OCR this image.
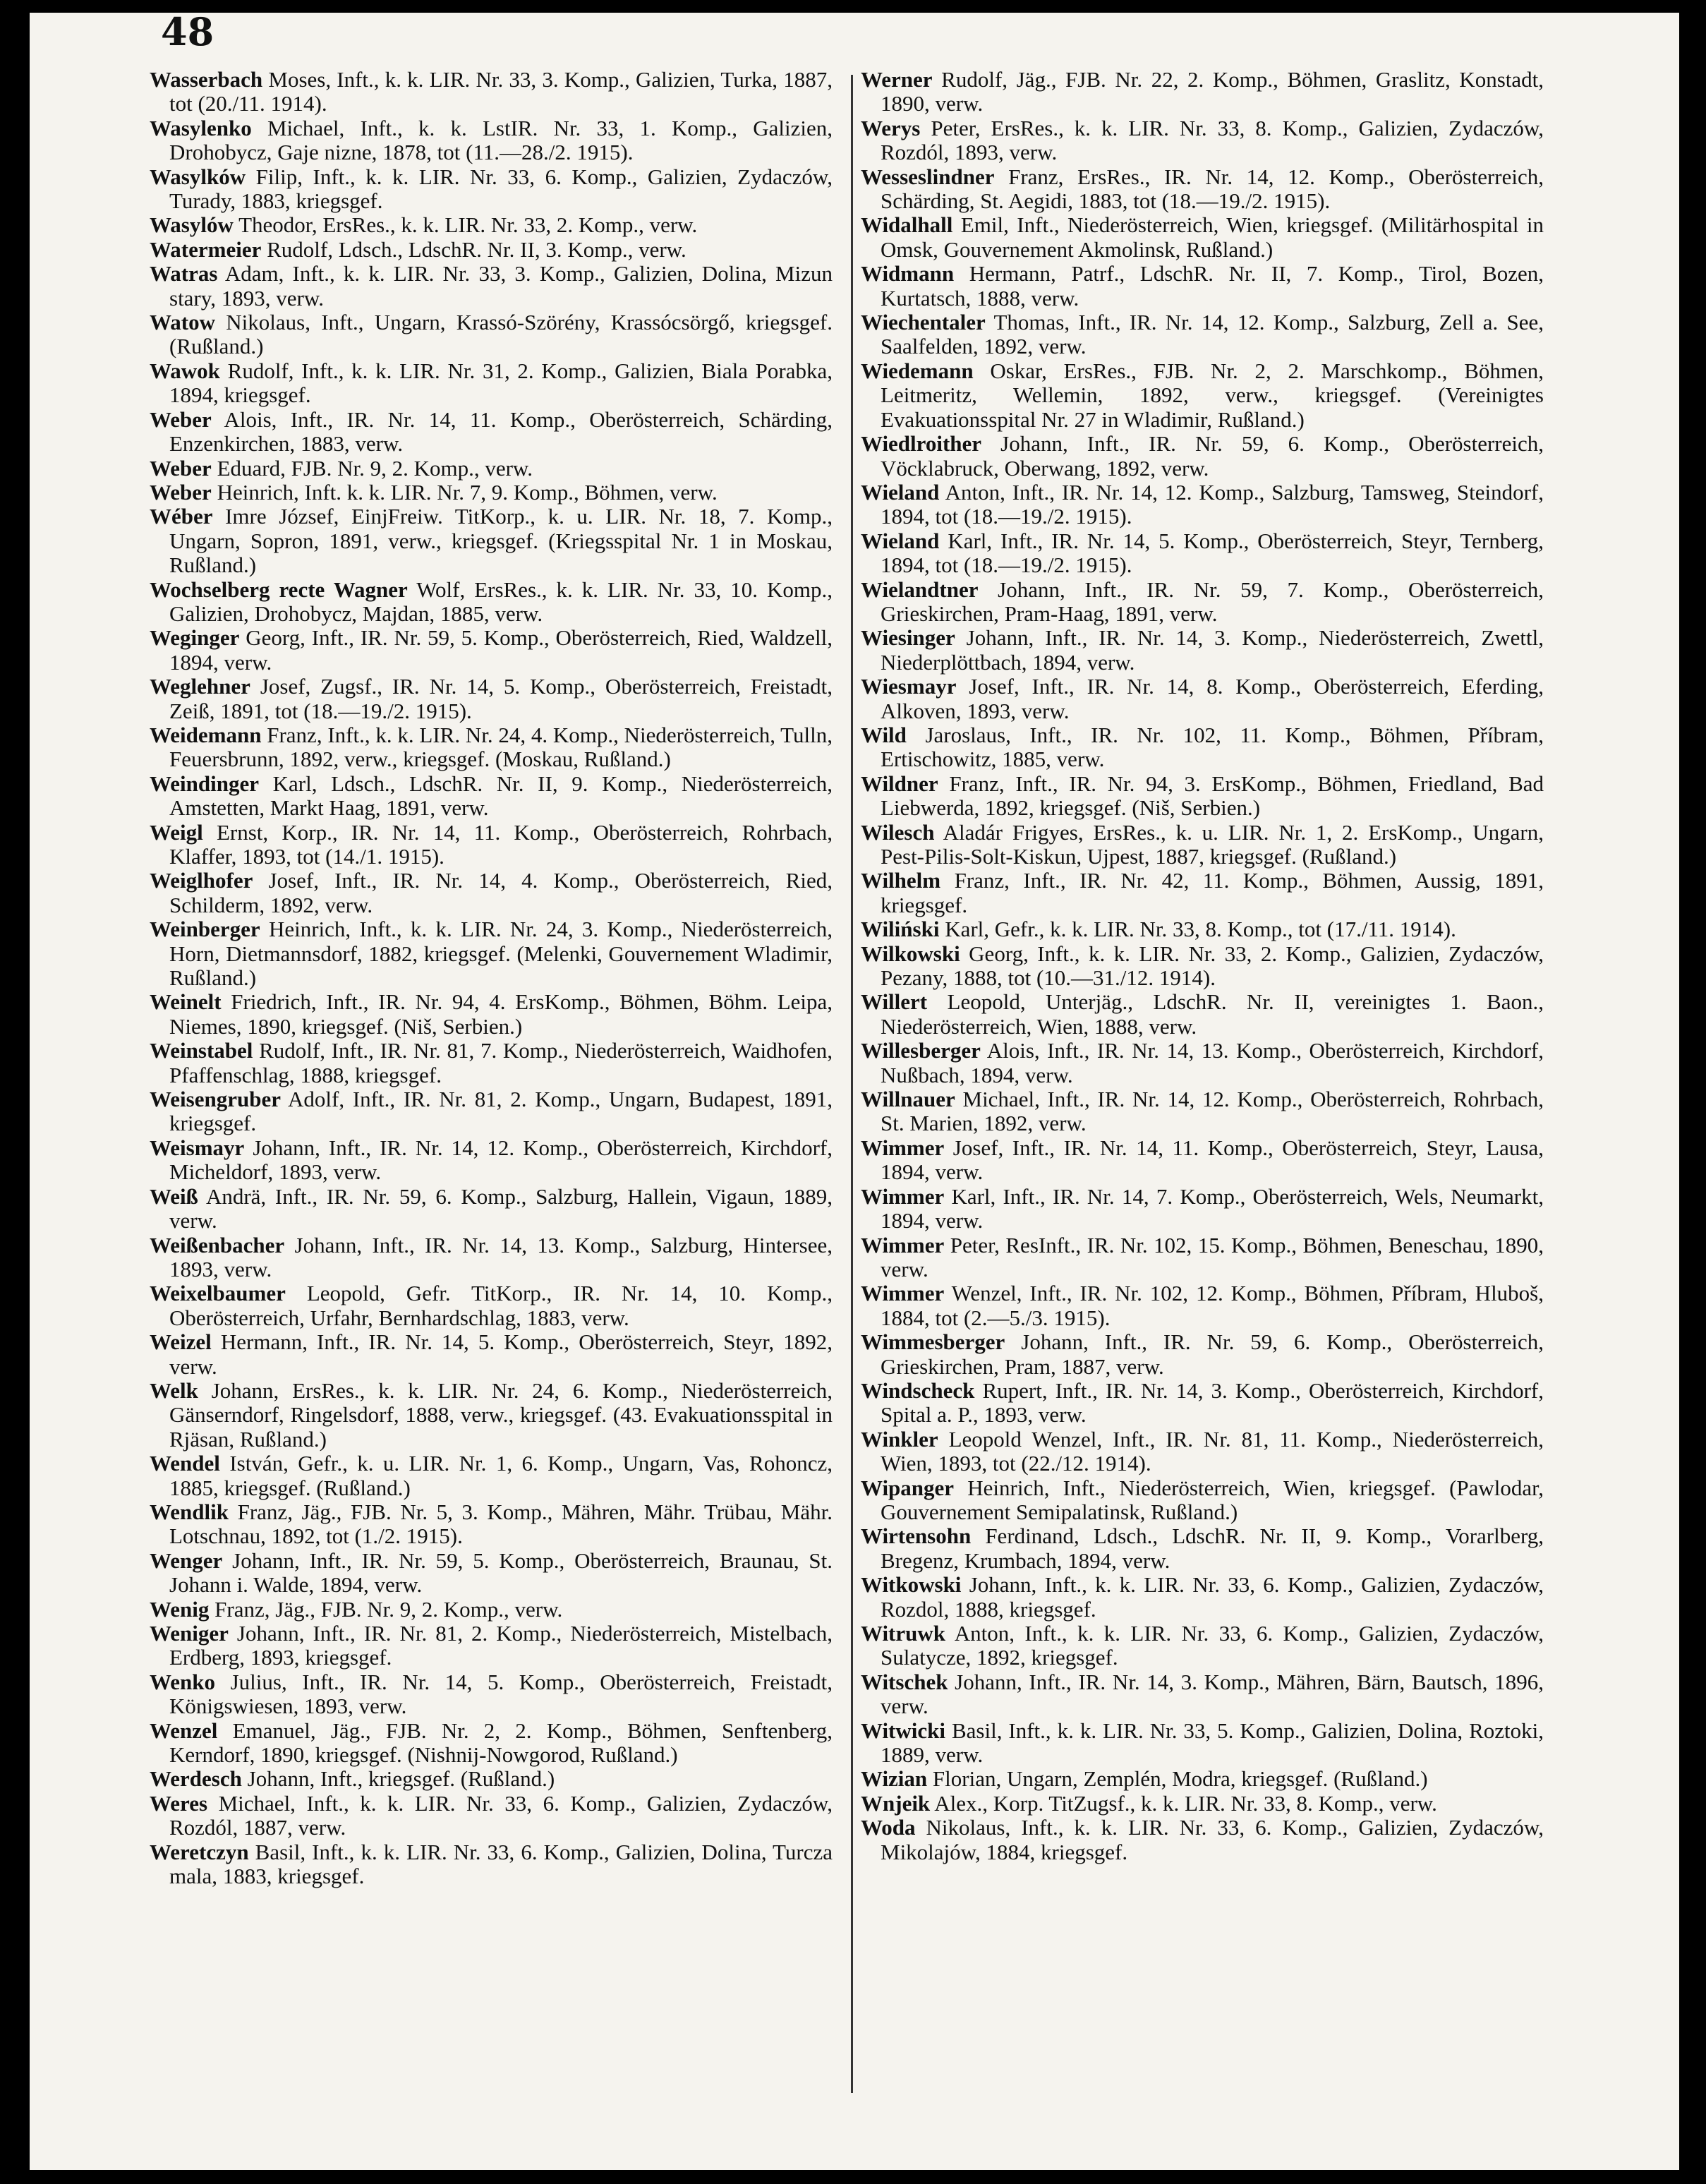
48

Wasserbach Moses, Inft., k. k. LIR. Nr. 33, 3. Komp., Galizien, Turka, 1887, tot (20./11. 1914).

Wasylenko Michael, Inft., k. k. LstIR. Nr. 33, 1. Komp., Galizien, Drohobycz, Gaje nizne, 1878, tot (11.—28./2. 1915).

Wasylków Filip, Inft., k. k. LIR. Nr. 33, 6. Komp., Galizien, Zydaczów, Turady, 1883, kriegsgef.

Wasylów Theodor, ErsRes., k. k. LIR. Nr. 33, 2. Komp., verw.

Watermeier Rudolf, Ldsch., LdschR. Nr. II, 3. Komp., verw.

Watras Adam, Inft., k. k. LIR. Nr. 33, 3. Komp., Galizien, Dolina, Mizun stary, 1893, verw.

Watow Nikolaus, Inft., Ungarn, Krassó-Szörény, Krassócsörgő, kriegsgef. (Rußland.)

Wawok Rudolf, Inft., k. k. LIR. Nr. 31, 2. Komp., Galizien, Biala Porabka, 1894, kriegsgef.

Weber Alois, Inft., IR. Nr. 14, 11. Komp., Oberösterreich, Schärding, Enzenkirchen, 1883, verw.

Weber Eduard, FJB. Nr. 9, 2. Komp., verw.

Weber Heinrich, Inft. k. k. LIR. Nr. 7, 9. Komp., Böhmen, verw.

Wéber Imre József, EinjFreiw. TitKorp., k. u. LIR. Nr. 18, 7. Komp., Ungarn, Sopron, 1891, verw., kriegsgef. (Kriegsspital Nr. 1 in Moskau, Rußland.)

Wochselberg recte Wagner Wolf, ErsRes., k. k. LIR. Nr. 33, 10. Komp., Galizien, Drohobycz, Majdan, 1885, verw.

Weginger Georg, Inft., IR. Nr. 59, 5. Komp., Oberösterreich, Ried, Waldzell, 1894, verw.

Weglehner Josef, Zugsf., IR. Nr. 14, 5. Komp., Oberösterreich, Freistadt, Zeiß, 1891, tot (18.—19./2. 1915).

Weidemann Franz, Inft., k. k. LIR. Nr. 24, 4. Komp., Niederösterreich, Tulln, Feuersbrunn, 1892, verw., kriegsgef. (Moskau, Rußland.)

Weindinger Karl, Ldsch., LdschR. Nr. II, 9. Komp., Niederösterreich, Amstetten, Markt Haag, 1891, verw.

Weigl Ernst, Korp., IR. Nr. 14, 11. Komp., Oberösterreich, Rohrbach, Klaffer, 1893, tot (14./1. 1915).

Weiglhofer Josef, Inft., IR. Nr. 14, 4. Komp., Oberösterreich, Ried, Schilderm, 1892, verw.

Weinberger Heinrich, Inft., k. k. LIR. Nr. 24, 3. Komp., Niederösterreich, Horn, Dietmannsdorf, 1882, kriegsgef. (Melenki, Gouvernement Wladimir, Rußland.)

Weinelt Friedrich, Inft., IR. Nr. 94, 4. ErsKomp., Böhmen, Böhm. Leipa, Niemes, 1890, kriegsgef. (Niš, Serbien.)

Weinstabel Rudolf, Inft., IR. Nr. 81, 7. Komp., Niederösterreich, Waidhofen, Pfaffenschlag, 1888, kriegsgef.

Weisengruber Adolf, Inft., IR. Nr. 81, 2. Komp., Ungarn, Budapest, 1891, kriegsgef.

Weismayr Johann, Inft., IR. Nr. 14, 12. Komp., Oberösterreich, Kirchdorf, Micheldorf, 1893, verw.

Weiß Andrä, Inft., IR. Nr. 59, 6. Komp., Salzburg, Hallein, Vigaun, 1889, verw.

Weißenbacher Johann, Inft., IR. Nr. 14, 13. Komp., Salzburg, Hintersee, 1893, verw.

Weixelbaumer Leopold, Gefr. TitKorp., IR. Nr. 14, 10. Komp., Oberösterreich, Urfahr, Bernhardschlag, 1883, verw.

Weizel Hermann, Inft., IR. Nr. 14, 5. Komp., Oberösterreich, Steyr, 1892, verw.

Welk Johann, ErsRes., k. k. LIR. Nr. 24, 6. Komp., Niederösterreich, Gänserndorf, Ringelsdorf, 1888, verw., kriegsgef. (43. Evakuationsspital in Rjäsan, Rußland.)

Wendel István, Gefr., k. u. LIR. Nr. 1, 6. Komp., Ungarn, Vas, Rohoncz, 1885, kriegsgef. (Rußland.)

Wendlik Franz, Jäg., FJB. Nr. 5, 3. Komp., Mähren, Mähr. Trübau, Mähr. Lotschnau, 1892, tot (1./2. 1915).

Wenger Johann, Inft., IR. Nr. 59, 5. Komp., Oberösterreich, Braunau, St. Johann i. Walde, 1894, verw.

Wenig Franz, Jäg., FJB. Nr. 9, 2. Komp., verw.

Weniger Johann, Inft., IR. Nr. 81, 2. Komp., Niederösterreich, Mistelbach, Erdberg, 1893, kriegsgef.

Wenko Julius, Inft., IR. Nr. 14, 5. Komp., Oberösterreich, Freistadt, Königswiesen, 1893, verw.

Wenzel Emanuel, Jäg., FJB. Nr. 2, 2. Komp., Böhmen, Senftenberg, Kerndorf, 1890, kriegsgef. (Nishnij-Nowgorod, Rußland.)

Werdesch Johann, Inft., kriegsgef. (Rußland.)

Weres Michael, Inft., k. k. LIR. Nr. 33, 6. Komp., Galizien, Zydaczów, Rozdól, 1887, verw.

Weretczyn Basil, Inft., k. k. LIR. Nr. 33, 6. Komp., Galizien, Dolina, Turcza mala, 1883, kriegsgef.

Werner Rudolf, Jäg., FJB. Nr. 22, 2. Komp., Böhmen, Graslitz, Konstadt, 1890, verw.

Werys Peter, ErsRes., k. k. LIR. Nr. 33, 8. Komp., Galizien, Zydaczów, Rozdól, 1893, verw.

Wesseslindner Franz, ErsRes., IR. Nr. 14, 12. Komp., Oberösterreich, Schärding, St. Aegidi, 1883, tot (18.—19./2. 1915).

Widalhall Emil, Inft., Niederösterreich, Wien, kriegsgef. (Militärhospital in Omsk, Gouvernement Akmolinsk, Rußland.)

Widmann Hermann, Patrf., LdschR. Nr. II, 7. Komp., Tirol, Bozen, Kurtatsch, 1888, verw.

Wiechentaler Thomas, Inft., IR. Nr. 14, 12. Komp., Salzburg, Zell a. See, Saalfelden, 1892, verw.

Wiedemann Oskar, ErsRes., FJB. Nr. 2, 2. Marschkomp., Böhmen, Leitmeritz, Wellemin, 1892, verw., kriegsgef. (Vereinigtes Evakuationsspital Nr. 27 in Wladimir, Rußland.)

Wiedlroither Johann, Inft., IR. Nr. 59, 6. Komp., Oberösterreich, Vöcklabruck, Oberwang, 1892, verw.

Wieland Anton, Inft., IR. Nr. 14, 12. Komp., Salzburg, Tamsweg, Steindorf, 1894, tot (18.—19./2. 1915).

Wieland Karl, Inft., IR. Nr. 14, 5. Komp., Oberösterreich, Steyr, Ternberg, 1894, tot (18.—19./2. 1915).

Wielandtner Johann, Inft., IR. Nr. 59, 7. Komp., Oberösterreich, Grieskirchen, Pram-Haag, 1891, verw.

Wiesinger Johann, Inft., IR. Nr. 14, 3. Komp., Niederösterreich, Zwettl, Niederplöttbach, 1894, verw.

Wiesmayr Josef, Inft., IR. Nr. 14, 8. Komp., Oberösterreich, Eferding, Alkoven, 1893, verw.

Wild Jaroslaus, Inft., IR. Nr. 102, 11. Komp., Böhmen, Příbram, Ertischowitz, 1885, verw.

Wildner Franz, Inft., IR. Nr. 94, 3. ErsKomp., Böhmen, Friedland, Bad Liebwerda, 1892, kriegsgef. (Niš, Serbien.)

Wilesch Aladár Frigyes, ErsRes., k. u. LIR. Nr. 1, 2. ErsKomp., Ungarn, Pest-Pilis-Solt-Kiskun, Ujpest, 1887, kriegsgef. (Rußland.)

Wilhelm Franz, Inft., IR. Nr. 42, 11. Komp., Böhmen, Aussig, 1891, kriegsgef.

Wiliński Karl, Gefr., k. k. LIR. Nr. 33, 8. Komp., tot (17./11. 1914).

Wilkowski Georg, Inft., k. k. LIR. Nr. 33, 2. Komp., Galizien, Zydaczów, Pezany, 1888, tot (10.—31./12. 1914).

Willert Leopold, Unterjäg., LdschR. Nr. II, vereinigtes 1. Baon., Niederösterreich, Wien, 1888, verw.

Willesberger Alois, Inft., IR. Nr. 14, 13. Komp., Oberösterreich, Kirchdorf, Nußbach, 1894, verw.

Willnauer Michael, Inft., IR. Nr. 14, 12. Komp., Oberösterreich, Rohrbach, St. Marien, 1892, verw.

Wimmer Josef, Inft., IR. Nr. 14, 11. Komp., Oberösterreich, Steyr, Lausa, 1894, verw.

Wimmer Karl, Inft., IR. Nr. 14, 7. Komp., Oberösterreich, Wels, Neumarkt, 1894, verw.

Wimmer Peter, ResInft., IR. Nr. 102, 15. Komp., Böhmen, Beneschau, 1890, verw.

Wimmer Wenzel, Inft., IR. Nr. 102, 12. Komp., Böhmen, Příbram, Hluboš, 1884, tot (2.—5./3. 1915).

Wimmesberger Johann, Inft., IR. Nr. 59, 6. Komp., Oberösterreich, Grieskirchen, Pram, 1887, verw.

Windscheck Rupert, Inft., IR. Nr. 14, 3. Komp., Oberösterreich, Kirchdorf, Spital a. P., 1893, verw.

Winkler Leopold Wenzel, Inft., IR. Nr. 81, 11. Komp., Niederösterreich, Wien, 1893, tot (22./12. 1914).

Wipanger Heinrich, Inft., Niederösterreich, Wien, kriegsgef. (Pawlodar, Gouvernement Semipalatinsk, Rußland.)

Wirtensohn Ferdinand, Ldsch., LdschR. Nr. II, 9. Komp., Vorarlberg, Bregenz, Krumbach, 1894, verw.

Witkowski Johann, Inft., k. k. LIR. Nr. 33, 6. Komp., Galizien, Zydaczów, Rozdol, 1888, kriegsgef.

Witruwk Anton, Inft., k. k. LIR. Nr. 33, 6. Komp., Galizien, Zydaczów, Sulatycze, 1892, kriegsgef.

Witschek Johann, Inft., IR. Nr. 14, 3. Komp., Mähren, Bärn, Bautsch, 1896, verw.

Witwicki Basil, Inft., k. k. LIR. Nr. 33, 5. Komp., Galizien, Dolina, Roztoki, 1889, verw.

Wizian Florian, Ungarn, Zemplén, Modra, kriegsgef. (Rußland.)

Wnjeik Alex., Korp. TitZugsf., k. k. LIR. Nr. 33, 8. Komp., verw.

Woda Nikolaus, Inft., k. k. LIR. Nr. 33, 6. Komp., Galizien, Zydaczów, Mikolajów, 1884, kriegsgef.
